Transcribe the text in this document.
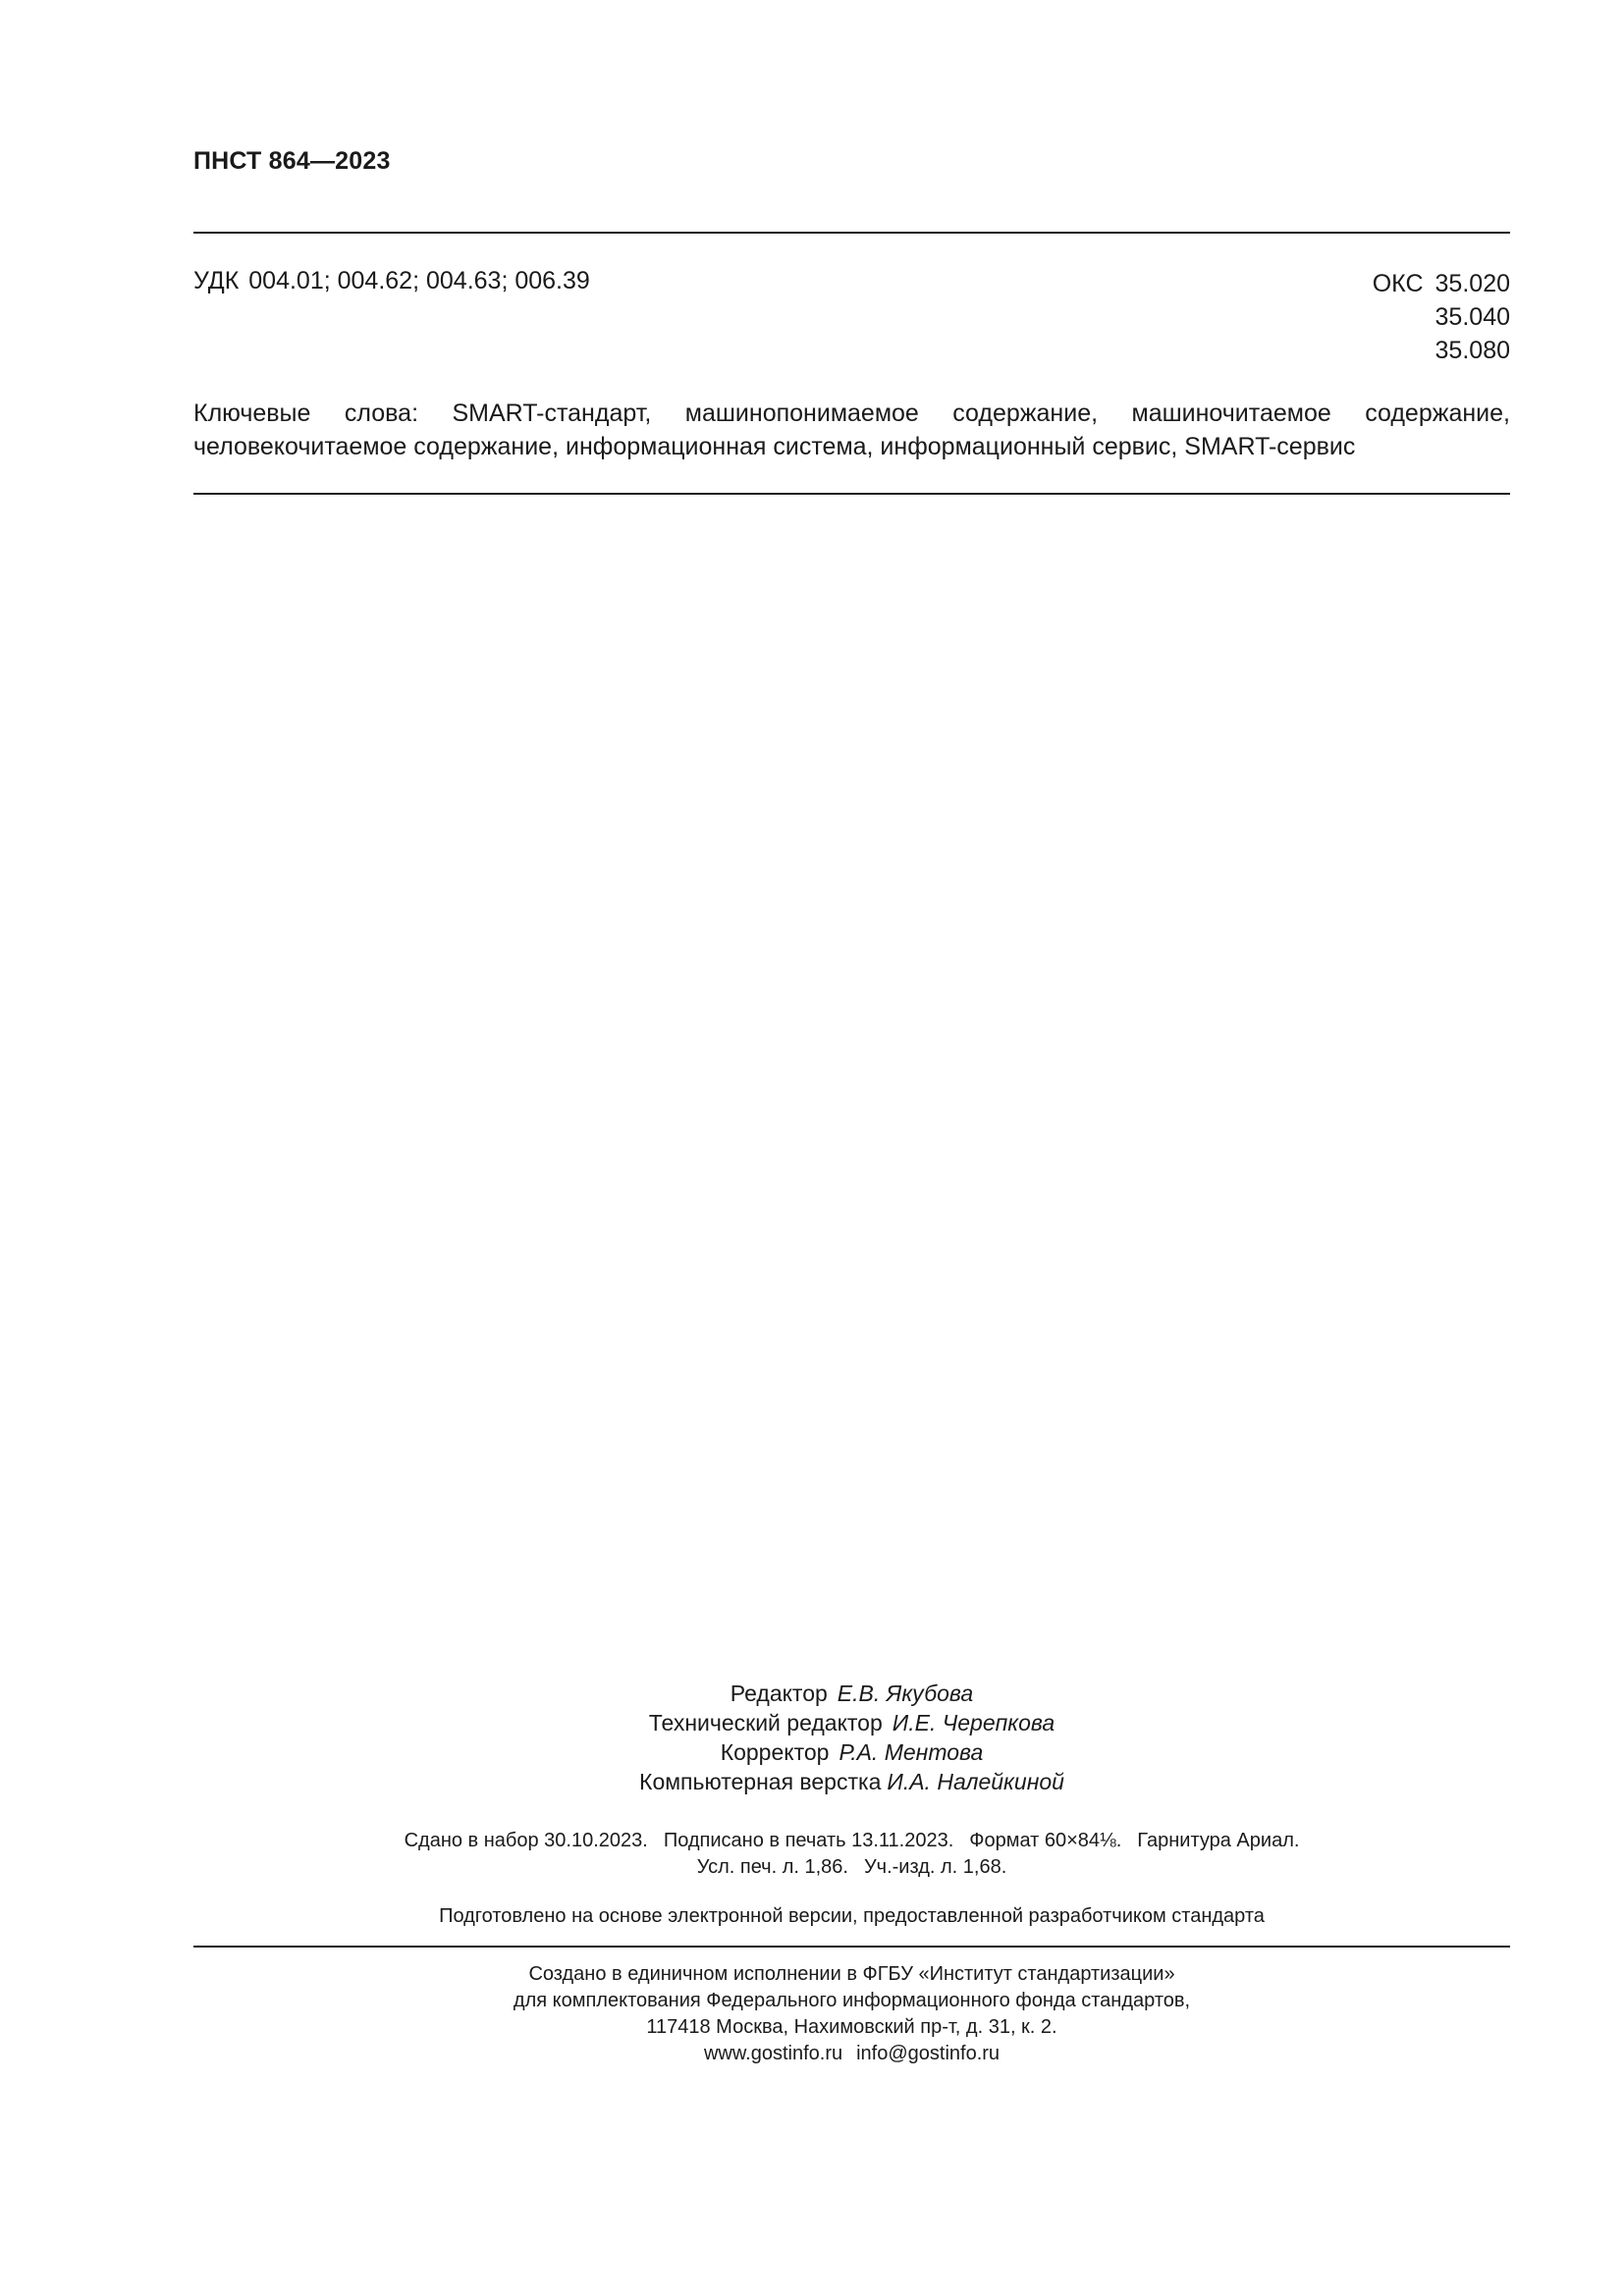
ПНСТ 864—2023
УДК 004.01; 004.62; 004.63; 006.39	ОКС 35.020
35.040
35.080
Ключевые слова: SMART-стандарт, машинопонимаемое содержание, машиночитаемое содержание, человекочитаемое содержание, информационная система, информационный сервис, SMART-сервис
Редактор Е.В. Якубова
Технический редактор И.Е. Черепкова
Корректор Р.А. Ментова
Компьютерная верстка И.А. Налейкиной
Сдано в набор 30.10.2023. Подписано в печать 13.11.2023. Формат 60×84⅛. Гарнитура Ариал.
Усл. печ. л. 1,86. Уч.-изд. л. 1,68.
Подготовлено на основе электронной версии, предоставленной разработчиком стандарта
Создано в единичном исполнении в ФГБУ «Институт стандартизации»
для комплектования Федерального информационного фонда стандартов,
117418 Москва, Нахимовский пр-т, д. 31, к. 2.
www.gostinfo.ru info@gostinfo.ru
